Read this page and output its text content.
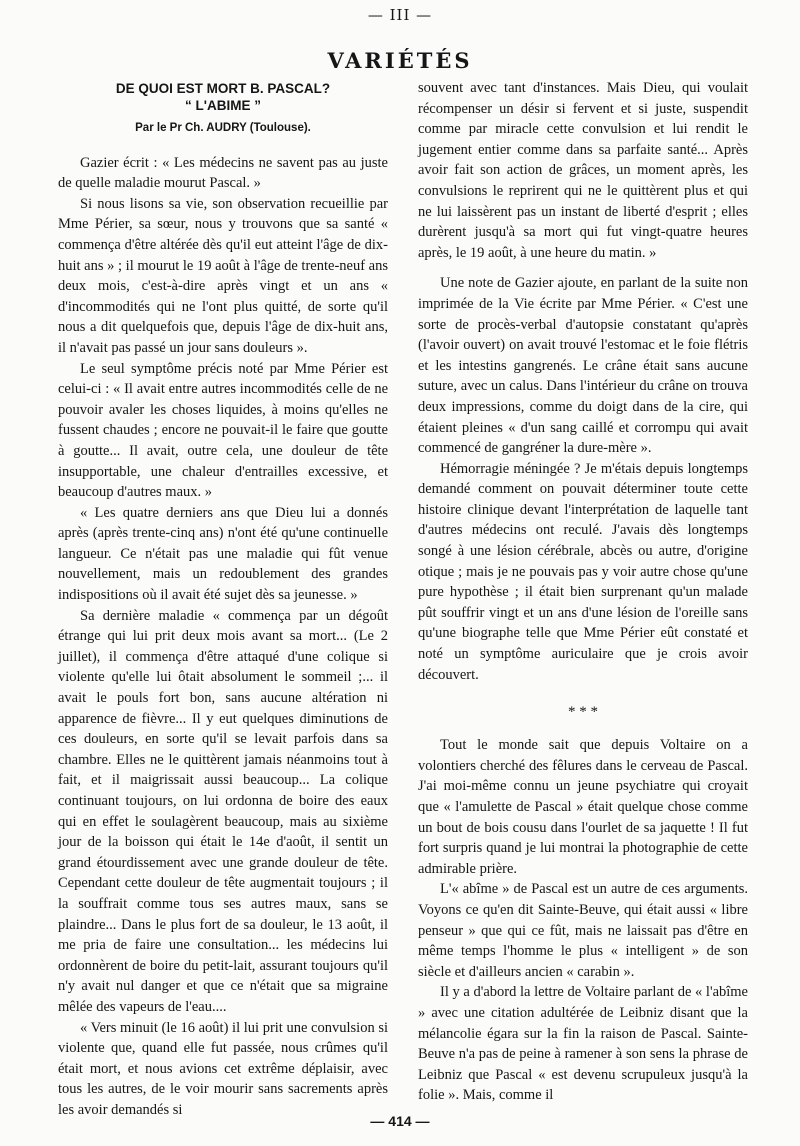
— III —
VARIÉTÉS
DE QUOI EST MORT B. PASCAL?
“ L'ABIME ”
Par le Pr Ch. AUDRY (Toulouse).

Gazier écrit : « Les médecins ne savent pas au juste de quelle maladie mourut Pascal. »

Si nous lisons sa vie, son observation recueillie par Mme Périer, sa sœur, nous y trouvons que sa santé « commença d'être altérée dès qu'il eut atteint l'âge de dix-huit ans » ; il mourut le 19 août à l'âge de trente-neuf ans deux mois, c'est-à-dire après vingt et un ans « d'incommodités qui ne l'ont plus quitté, de sorte qu'il nous a dit quelquefois que, depuis l'âge de dix-huit ans, il n'avait pas passé un jour sans douleurs ».

Le seul symptôme précis noté par Mme Périer est celui-ci : « Il avait entre autres incommodités celle de ne pouvoir avaler les choses liquides, à moins qu'elles ne fussent chaudes ; encore ne pouvait-il le faire que goutte à goutte... Il avait, outre cela, une douleur de tête insupportable, une chaleur d'entrailles excessive, et beaucoup d'autres maux. »

« Les quatre derniers ans que Dieu lui a donnés après (après trente-cinq ans) n'ont été qu'une continuelle langueur. Ce n'était pas une maladie qui fût venue nouvellement, mais un redoublement des grandes indispositions où il avait été sujet dès sa jeunesse. »

Sa dernière maladie « commença par un dégoût étrange qui lui prit deux mois avant sa mort... (Le 2 juillet), il commença d'être attaqué d'une colique si violente qu'elle lui ôtait absolument le sommeil ;... il avait le pouls fort bon, sans aucune altération ni apparence de fièvre... Il y eut quelques diminutions de ces douleurs, en sorte qu'il se levait parfois dans sa chambre. Elles ne le quittèrent jamais néanmoins tout à fait, et il maigrissait aussi beaucoup... La colique continuant toujours, on lui ordonna de boire des eaux qui en effet le soulagèrent beaucoup, mais au sixième jour de la boisson qui était le 14e d'août, il sentit un grand étourdissement avec une grande douleur de tête. Cependant cette douleur de tête augmentait toujours ; il la souffrait comme tous ses autres maux, sans se plaindre... Dans le plus fort de sa douleur, le 13 août, il me pria de faire une consultation... les médecins lui ordonnèrent de boire du petit-lait, assurant toujours qu'il n'y avait nul danger et que ce n'était que sa migraine mêlée des vapeurs de l'eau....

« Vers minuit (le 16 août) il lui prit une convulsion si violente que, quand elle fut passée, nous crûmes qu'il était mort, et nous avions cet extrême déplaisir, avec tous les autres, de le voir mourir sans sacrements après les avoir demandés si

souvent avec tant d'instances. Mais Dieu, qui voulait récompenser un désir si fervent et si juste, suspendit comme par miracle cette convulsion et lui rendit le jugement entier comme dans sa parfaite santé... Après avoir fait son action de grâces, un moment après, les convulsions le reprirent qui ne le quittèrent plus et qui ne lui laissèrent pas un instant de liberté d'esprit ; elles durèrent jusqu'à sa mort qui fut vingt-quatre heures après, le 19 août, à une heure du matin. »

Une note de Gazier ajoute, en parlant de la suite non imprimée de la Vie écrite par Mme Périer. « C'est une sorte de procès-verbal d'autopsie constatant qu'après (l'avoir ouvert) on avait trouvé l'estomac et le foie flétris et les intestins gangrenés. Le crâne était sans aucune suture, avec un calus. Dans l'intérieur du crâne on trouva deux impressions, comme du doigt dans de la cire, qui étaient pleines « d'un sang caillé et corrompu qui avait commencé de gangréner la dure-mère ».

Hémorragie méningée ? Je m'étais depuis longtemps demandé comment on pouvait déterminer toute cette histoire clinique devant l'interprétation de laquelle tant d'autres médecins ont reculé. J'avais dès longtemps songé à une lésion cérébrale, abcès ou autre, d'origine otique ; mais je ne pouvais pas y voir autre chose qu'une pure hypothèse ; il était bien surprenant qu'un malade pût souffrir vingt et un ans d'une lésion de l'oreille sans qu'une biographe telle que Mme Périer eût constaté et noté un symptôme auriculaire que je crois avoir découvert.

* * *

Tout le monde sait que depuis Voltaire on a volontiers cherché des fêlures dans le cerveau de Pascal. J'ai moi-même connu un jeune psychiatre qui croyait que « l'amulette de Pascal » était quelque chose comme un bout de bois cousu dans l'ourlet de sa jaquette ! Il fut fort surpris quand je lui montrai la photographie de cette admirable prière.

L'« abîme » de Pascal est un autre de ces arguments. Voyons ce qu'en dit Sainte-Beuve, qui était aussi « libre penseur » que qui ce fût, mais ne laissait pas d'être en même temps l'homme le plus « intelligent » de son siècle et d'ailleurs ancien « carabin ».

Il y a d'abord la lettre de Voltaire parlant de « l'abîme » avec une citation adultérée de Leibniz disant que la mélancolie égara sur la fin la raison de Pascal. Sainte-Beuve n'a pas de peine à ramener à son sens la phrase de Leibniz que Pascal « est devenu scrupuleux jusqu'à la folie ». Mais, comme il

— 414 —
